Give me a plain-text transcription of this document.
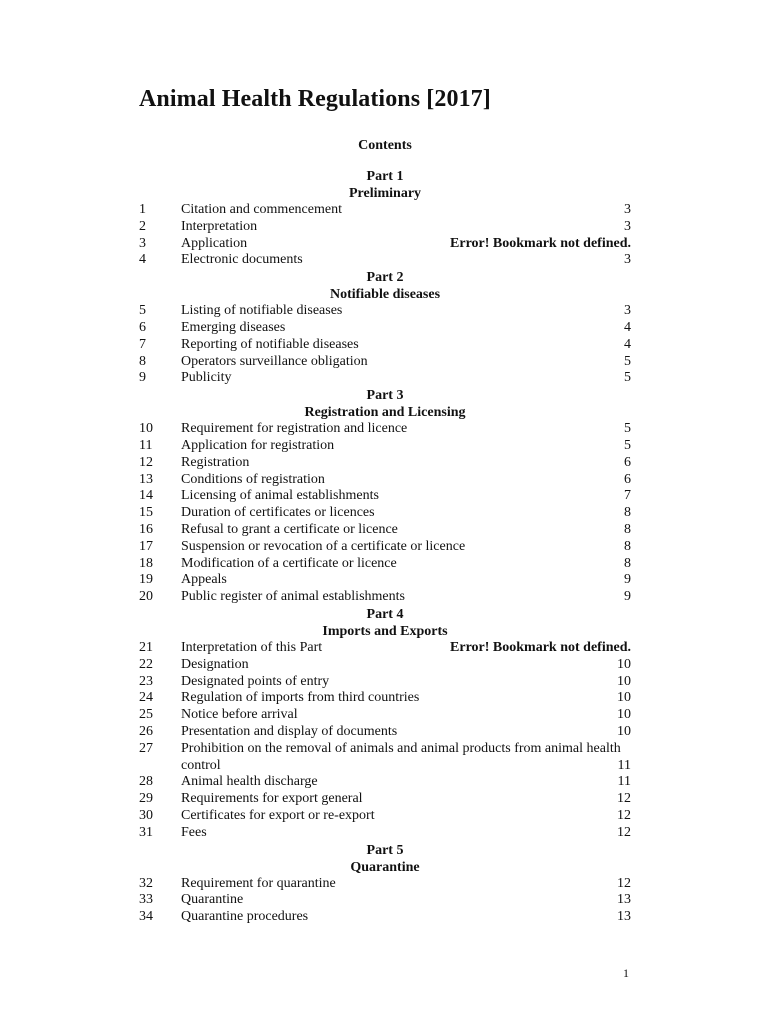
Animal Health Regulations [2017]
Contents
Part 1
Preliminary
1	Citation and commencement	3
2	Interpretation	3
3	Application	Error! Bookmark not defined.
4	Electronic documents	3
Part 2
Notifiable diseases
5	Listing of notifiable diseases	3
6	Emerging diseases	4
7	Reporting of notifiable diseases	4
8	Operators surveillance obligation	5
9	Publicity	5
Part 3
Registration and Licensing
10 Requirement for registration and licence	5
11 Application for registration	5
12 Registration	6
13 Conditions of registration	6
14 Licensing of animal establishments	7
15 Duration of certificates or licences	8
16 Refusal to grant a certificate or licence	8
17 Suspension or revocation of a certificate or licence	8
18 Modification of a certificate or licence	8
19 Appeals	9
20 Public register of animal establishments	9
Part 4
Imports and Exports
21 Interpretation of this Part	Error! Bookmark not defined.
22 Designation	10
23 Designated points of entry	10
24 Regulation of imports from third countries	10
25 Notice before arrival	10
26 Presentation and display of documents	10
27 Prohibition on the removal of animals and animal products from animal health control	11
28 Animal health discharge	11
29 Requirements for export general	12
30 Certificates for export or re-export	12
31 Fees	12
Part 5
Quarantine
32 Requirement for quarantine	12
33 Quarantine	13
34 Quarantine procedures	13
1
